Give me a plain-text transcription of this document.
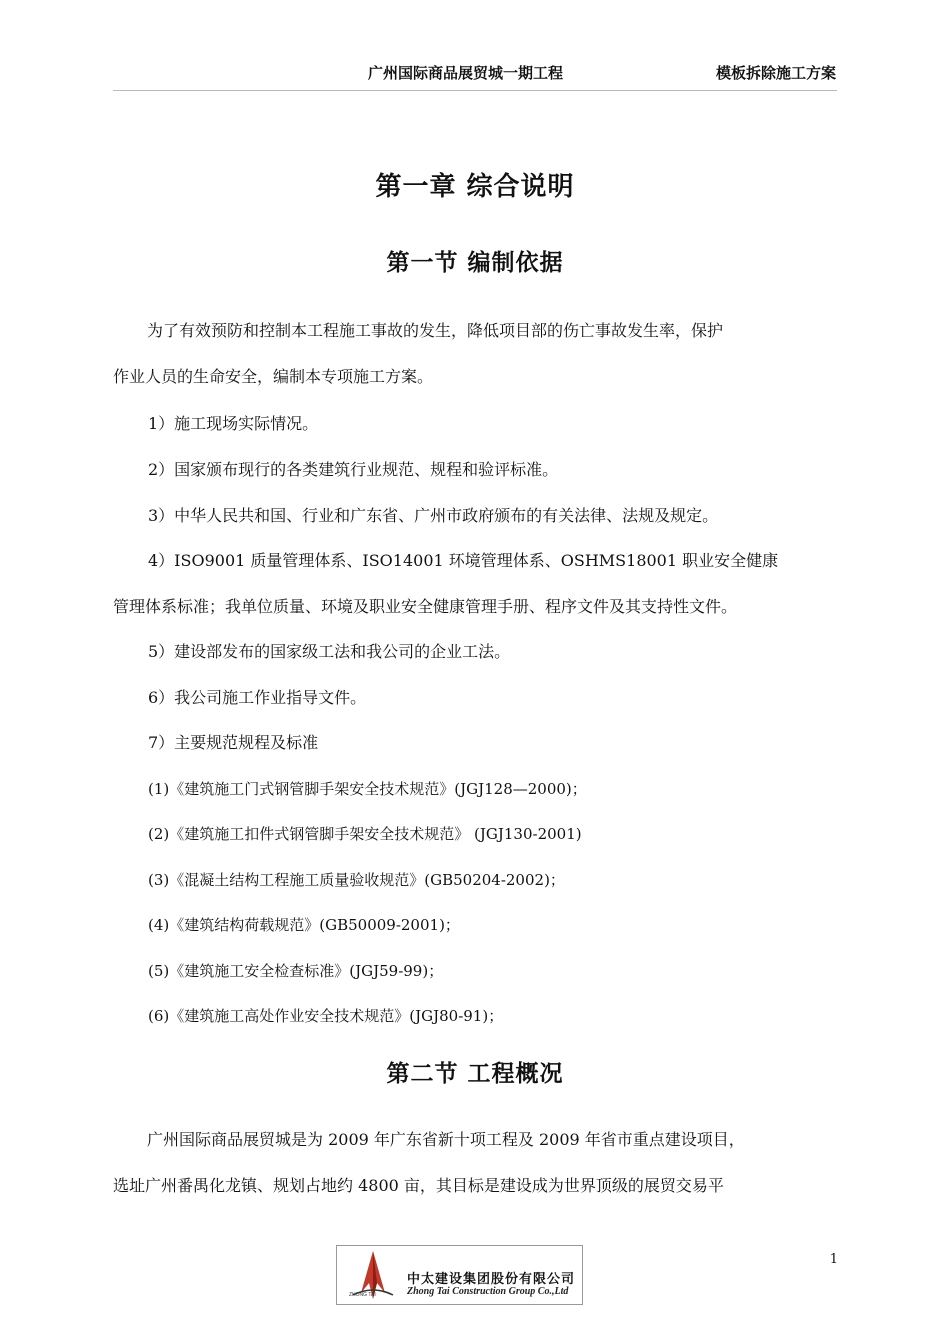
广州国际商品展贸城一期工程	模板拆除施工方案
第一章 综合说明
第一节 编制依据
为了有效预防和控制本工程施工事故的发生，降低项目部的伤亡事故发生率，保护
作业人员的生命安全，编制本专项施工方案。
1）施工现场实际情况。
2）国家颁布现行的各类建筑行业规范、规程和验评标准。
3）中华人民共和国、行业和广东省、广州市政府颁布的有关法律、法规及规定。
4）ISO9001 质量管理体系、ISO14001 环境管理体系、OSHMS18001 职业安全健康
管理体系标准；我单位质量、环境及职业安全健康管理手册、程序文件及其支持性文件。
5）建设部发布的国家级工法和我公司的企业工法。
6）我公司施工作业指导文件。
7）主要规范规程及标准
(1)《建筑施工门式钢管脚手架安全技术规范》(JGJ128—2000)；
(2)《建筑施工扣件式钢管脚手架安全技术规范》 (JGJ130-2001)
(3)《混凝土结构工程施工质量验收规范》(GB50204-2002)；
(4)《建筑结构荷载规范》(GB50009-2001)；
(5)《建筑施工安全检查标准》(JGJ59-99)；
(6)《建筑施工高处作业安全技术规范》(JGJ80-91)；
第二节 工程概况
广州国际商品展贸城是为 2009 年广东省新十项工程及 2009 年省市重点建设项目，
选址广州番禺化龙镇、规划占地约 4800 亩，其目标是建设成为世界顶级的展贸交易平
1
ZHONG TAI
中太建设集团股份有限公司
Zhong Tai Construction Group Co.,Ltd
